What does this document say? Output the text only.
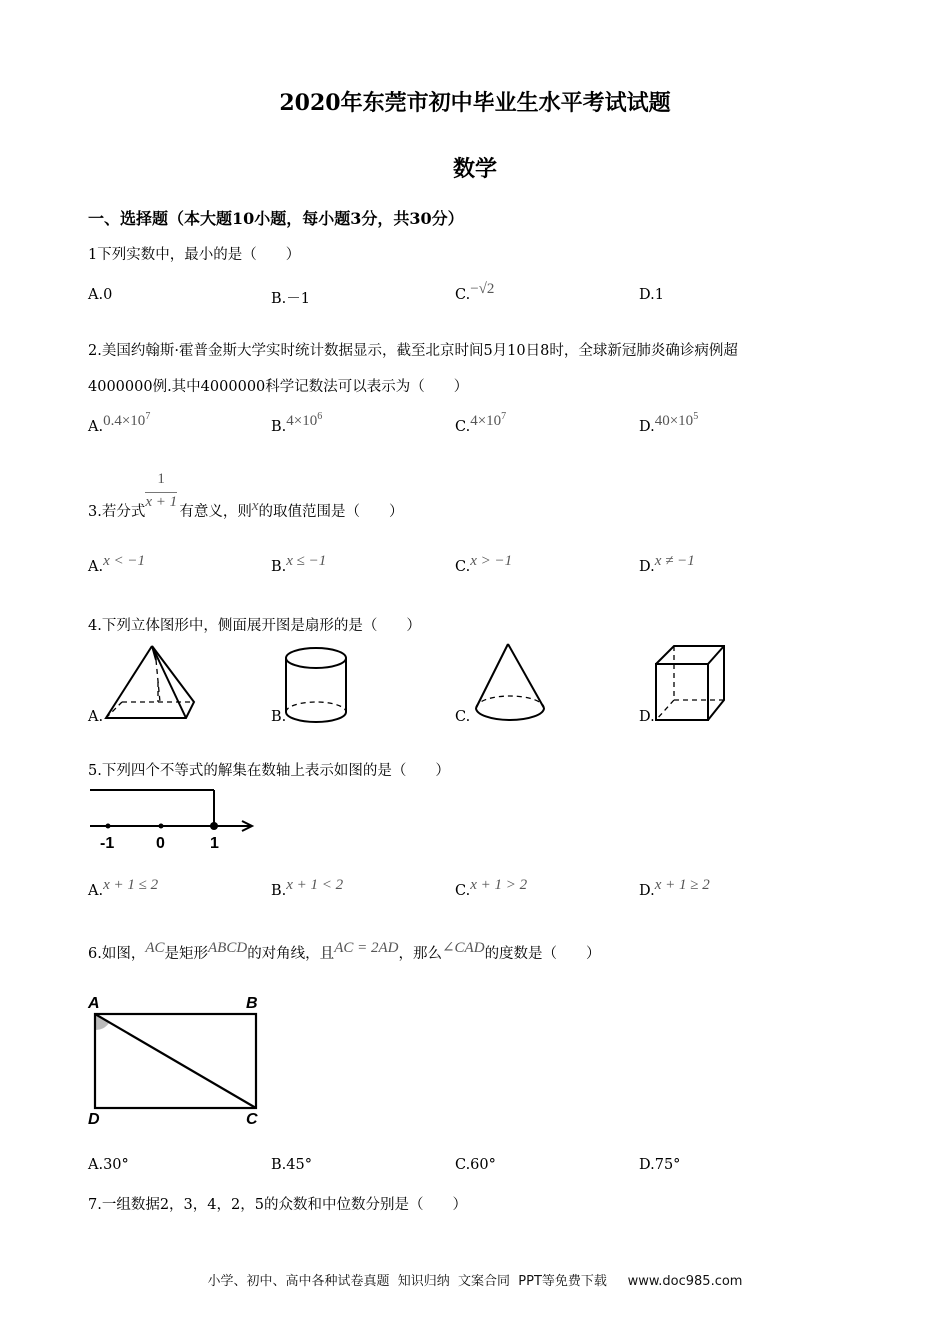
2020年东莞市初中毕业生水平考试试题
数学
一、选择题（本大题10小题，每小题3分，共30分）
1下列实数中，最小的是（　　）
A.0	B.－1	C.−√2	D.1
2.美国约翰斯·霍普金斯大学实时统计数据显示，截至北京时间5月10日8时，全球新冠肺炎确诊病例超
4000000例.其中4000000科学记数法可以表示为（　　）
$A.0.4\times 10^7$
$B.4\times 10^6$
$C.4\times 10^7$
$D.40\times 10^5$
3.若分式 $\frac{1}{x + 1}$ 有意义，则x的取值范围是（　　）
A.x < −1	B.x ≤ −1	C.x > −1	D.x ≠ −1
4.下列立体图形中，侧面展开图是扇形的是（　　）
A.	B.	C.	D.
5.下列四个不等式的解集在数轴上表示如图的是（　　）
-1	0	1
A.x + 1 ≤ 2	B.x + 1 < 2	C.x + 1 > 2	D.x + 1 ≥ 2
6.如图，AC是矩形ABCD的对角线，且AC = 2AD，那么∠CAD的度数是（　　）
A	B
D	C
A.30°	B.45°	C.60°	D.75°
7.一组数据2，3，4，2，5的众数和中位数分别是（　　）
小学、初中、高中各种试卷真题  知识归纳  文案合同  PPT等免费下载     www.doc985.com
